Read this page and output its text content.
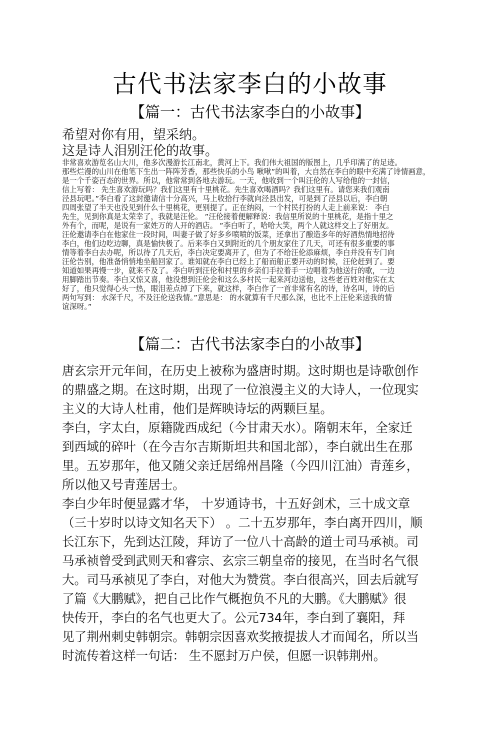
古代书法家李白的小故事
【篇一：古代书法家李白的小故事】
希望对你有用，望采纳。
这是诗人泪别汪伦的故事。
非常喜欢游览名山大川，他多次漫游长江南北，黄河上下。我们伟大祖国的版图上，几乎印满了的足迹。
那些烂漫的山川在他笔下生出一阵阵芳香，那些快乐的小鸟 啾啾”的叫着，大自然在李白的眼中充满了诗情画意，
是一个千姿百态的世界。所以，他常常到各地去游玩。一天，他收到一个叫汪伦的人写给他的一封信，
信上写着： 先生喜欢游玩吗？我们这里有十里桃花。先生喜欢喝酒吗？我们这里有。请您来我们观南
泾县玩吧。”李白看了这封邀请信十分高兴，马上收拾行李就向泾县出发，可是到了泾县以后，李白朝
四周张望了半天也没见到什么十里桃花，更别提了。正在纳闷，一个村民打扮的人走上前来说： 李白
先生，见到你真是太荣幸了，我就是汪伦。 ”汪伦接着便解释说：我信里所说的十里桃花，是指十里之
外有个，而呢，是说有一家姓万的人开的酒店。 ”李白听了，哈哈大笑，两个人就这样交上了好朋友。
汪伦邀请李白在他家住一段时间，叫妻子做了好多乡喷喷的饭菜，还拿出了酿造多年的好酒热情地招待
李白，他们边吃边聊，真是愉快极了。后来李白又到附近的几个朋友家住了几天，可还有很多重要的事
情等着李白去办呢，所以待了几天后，李白决定要离开了，但为了不给汪伦添麻烦，李白并没有专门向
汪伦告别，他准备悄悄地坐船回家了。谁知就在李白已经上了船而船正要开动的时候，汪伦赶到了。要
知道如果再慢一步，就来不及了。李白听到汪伦和村里的乡亲们手拉着手一边唱着为他送行的歌，一边
用脚踏出节奏。李白又惊又喜，他没想到汪伦会和这么多村民一起来河边送他，这些老百姓对他实在太
好了，他只觉得心头一热，眼泪差点掉了下来，就这样，李白作了一首非常有名的诗，诗名叫，诗的后
两句写到： 水深千尺，不及汪伦送我情。”意思是： 的水就算有千尺那么深，也比不上汪伦来送我的情
谊深呀。”
【篇二：古代书法家李白的小故事】
唐玄宗开元年间，在历史上被称为盛唐时期。这时期也是诗歌创作
的鼎盛之期。在这时期，出现了一位浪漫主义的大诗人，一位现实
主义的大诗人杜甫，他们是辉映诗坛的两颗巨星。
李白，字太白，原籍陇西成纪（今甘肃天水）。隋朝末年，全家迁
到西域的碎叶（在今吉尔吉斯斯坦共和国北部），李白就出生在那
里。五岁那年，他又随父亲迁居绵州昌隆（今四川江油）青莲乡，
所以他又号青莲居士。
李白少年时便显露才华， 十岁通诗书，十五好剑术，三十成文章
（三十岁时以诗文知名天下） 。二十五岁那年，李白离开四川，顺
长江东下，先到达江陵，拜访了一位八十高龄的道士司马承祯。司
马承祯曾受到武则天和睿宗、玄宗三朝皇帝的接见，在当时名气很
大。司马承祯见了李白，对他大为赞赏。李白很高兴，回去后就写
了篇《大鹏赋》，把自己比作气概抱负不凡的大鹏。《大鹏赋》很
快传开，李白的名气也更大了。公元734年，李白到了襄阳，拜
见了荆州刺史韩朝宗。韩朝宗因喜欢奖掖提拔人才而闻名，所以当
时流传着这样一句话： 生不愿封万户侯，但愿一识韩荆州。
